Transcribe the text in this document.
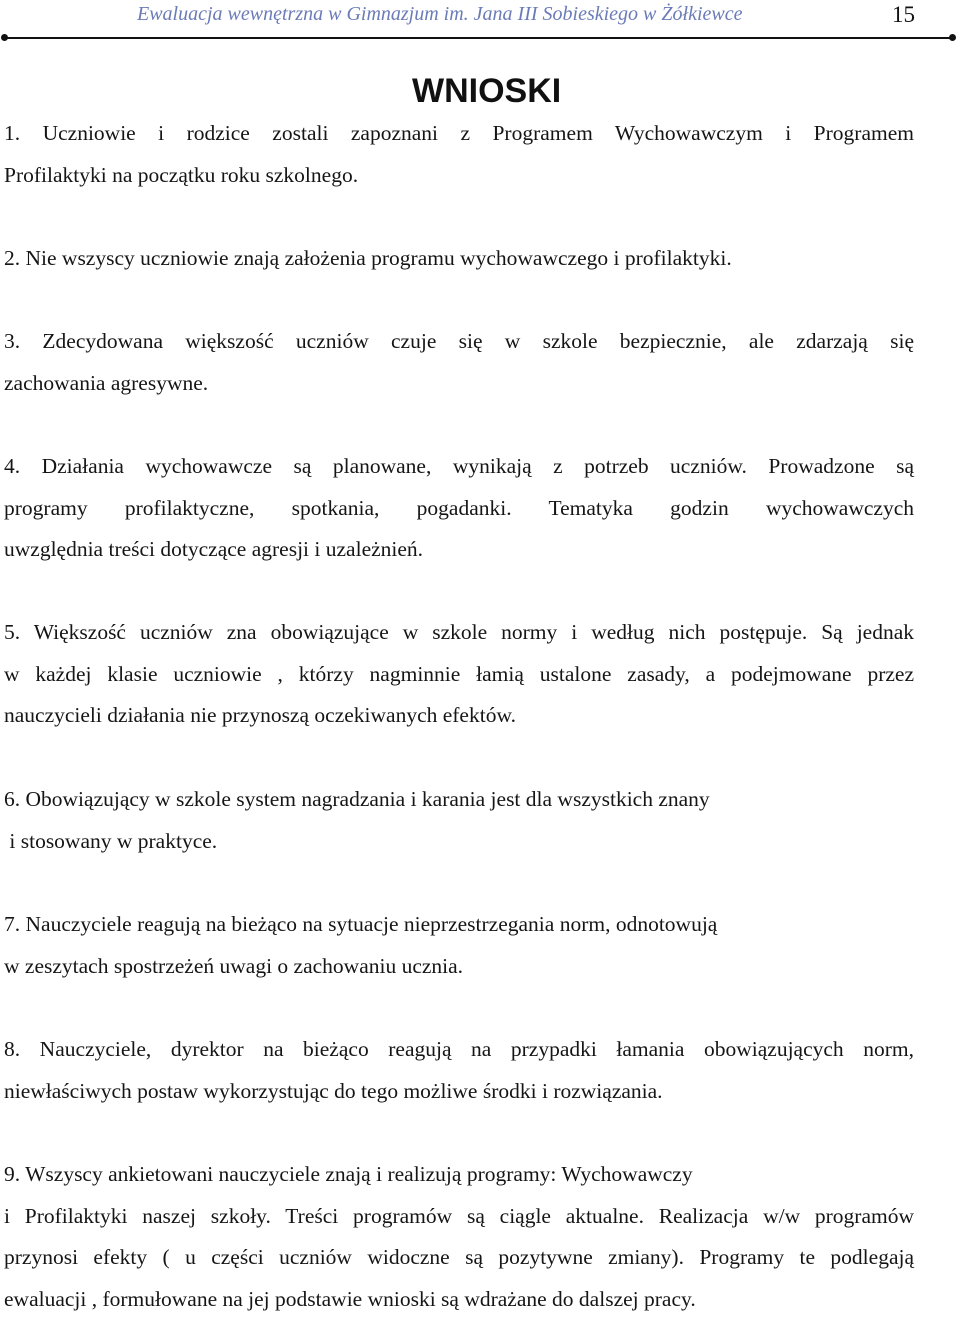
Ewaluacja wewnętrzna w Gimnazjum im. Jana III Sobieskiego w Żółkiewce	15
WNIOSKI
1. Uczniowie i rodzice zostali zapoznani z Programem Wychowawczym i Programem
Profilaktyki na początku roku szkolnego.
2. Nie wszyscy uczniowie znają założenia programu wychowawczego i profilaktyki.
3. Zdecydowana większość uczniów czuje się w szkole bezpiecznie, ale zdarzają się
zachowania agresywne.
4. Działania wychowawcze są planowane, wynikają z potrzeb uczniów. Prowadzone są
programy profilaktyczne, spotkania, pogadanki. Tematyka godzin wychowawczych
uwzględnia treści dotyczące agresji i uzależnień.
5. Większość uczniów zna obowiązujące w szkole normy i według nich postępuje. Są jednak
w każdej klasie uczniowie , którzy nagminnie łamią ustalone zasady, a podejmowane przez
nauczycieli działania nie przynoszą oczekiwanych efektów.
6. Obowiązujący w szkole system nagradzania i karania jest dla wszystkich znany
i stosowany w praktyce.
7. Nauczyciele reagują na bieżąco na sytuacje nieprzestrzegania norm, odnotowują
w zeszytach spostrzeżeń uwagi o zachowaniu ucznia.
8. Nauczyciele, dyrektor na bieżąco reagują na przypadki łamania obowiązujących norm,
niewłaściwych postaw wykorzystując do tego możliwe środki i rozwiązania.
9. Wszyscy ankietowani nauczyciele znają i realizują programy: Wychowawczy
i Profilaktyki naszej szkoły. Treści programów są ciągle aktualne. Realizacja w/w programów
przynosi efekty ( u części uczniów widoczne są pozytywne zmiany). Programy te podlegają
ewaluacji , formułowane na jej podstawie wnioski są wdrażane do dalszej pracy.
